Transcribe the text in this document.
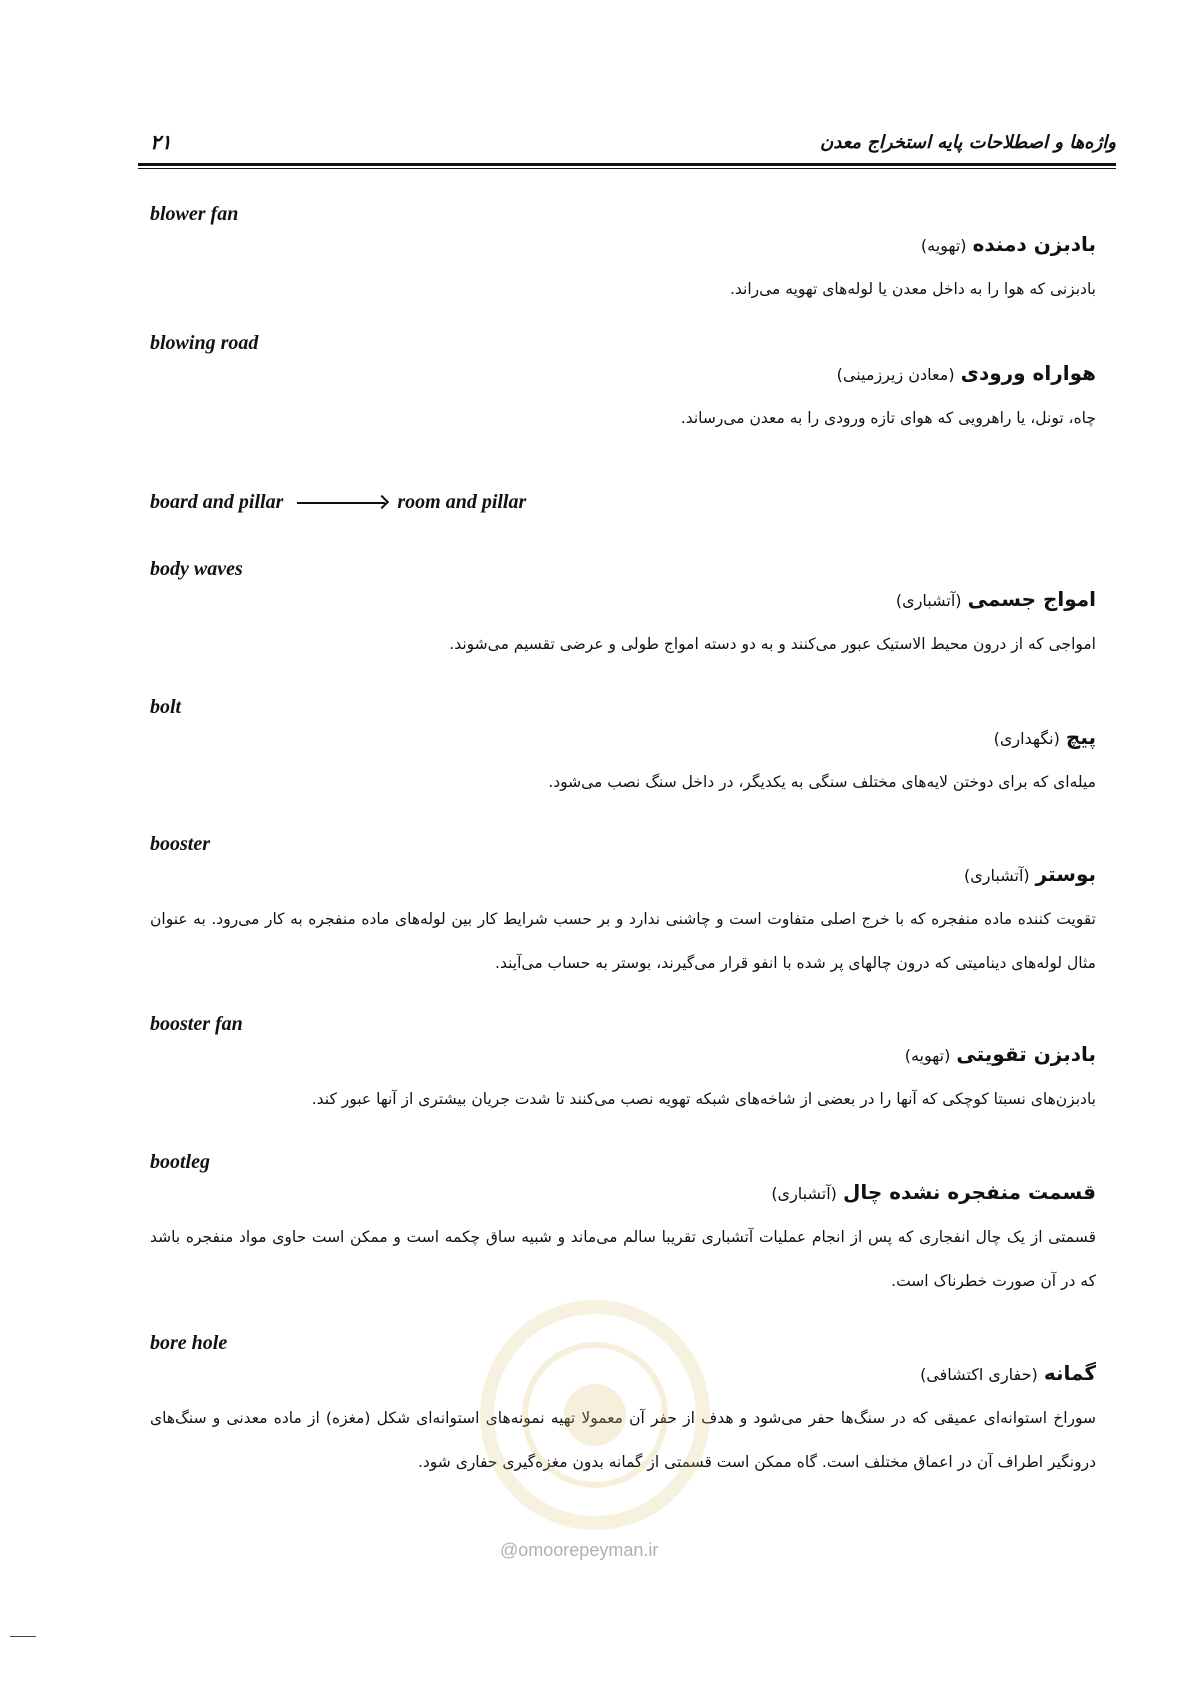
واژه‌ها و اصطلاحات پایه استخراج معدن
۲۱
blower fan
بادبزن دمنده (تهویه)
بادبزنی که هوا را به داخل معدن یا لوله‌های تهویه می‌راند.
blowing road
هواراه ورودی (معادن زیرزمینی)
چاه، تونل، یا راهرویی که هوای تازه ورودی را به معدن می‌رساند.
board and pillar	room and pillar
body waves
امواج جسمی (آتشباری)
امواجی که از درون محیط الاستیک عبور می‌کنند و به دو دسته امواج طولی و عرضی تقسیم می‌شوند.
bolt
پیچ (نگهداری)
میله‌ای که برای دوختن لایه‌های مختلف سنگی به یکدیگر، در داخل سنگ نصب می‌شود.
booster
بوستر (آتشباری)
تقویت کننده ماده منفجره که با خرج اصلی متفاوت است و چاشنی ندارد و بر حسب شرایط کار بین لوله‌های ماده منفجره به کار می‌رود. به عنوان مثال لوله‌های دینامیتی که درون چالهای پر شده با انفو قرار می‌گیرند، بوستر به حساب می‌آیند.
booster fan
بادبزن تقویتی (تهویه)
بادبزن‌های نسبتا کوچکی که آنها را در بعضی از شاخه‌های شبکه تهویه نصب می‌کنند تا شدت جریان بیشتری از آنها عبور کند.
bootleg
قسمت منفجره نشده چال (آتشباری)
قسمتی از یک چال انفجاری که پس از انجام عملیات آتشباری تقریبا سالم می‌ماند و شبیه ساق چکمه است و ممکن است حاوی مواد منفجره باشد که در آن صورت خطرناک است.
bore hole
گمانه (حفاری اکتشافی)
سوراخ استوانه‌ای عمیقی که در سنگ‌ها حفر می‌شود و هدف از حفر آن معمولا تهیه نمونه‌های استوانه‌ای شکل (مغزه) از ماده معدنی و سنگ‌های درونگیر اطراف آن در اعماق مختلف است. گاه ممکن است قسمتی از گمانه بدون مغزه‌گیری حفاری شود.
@omoorepeyman.ir
